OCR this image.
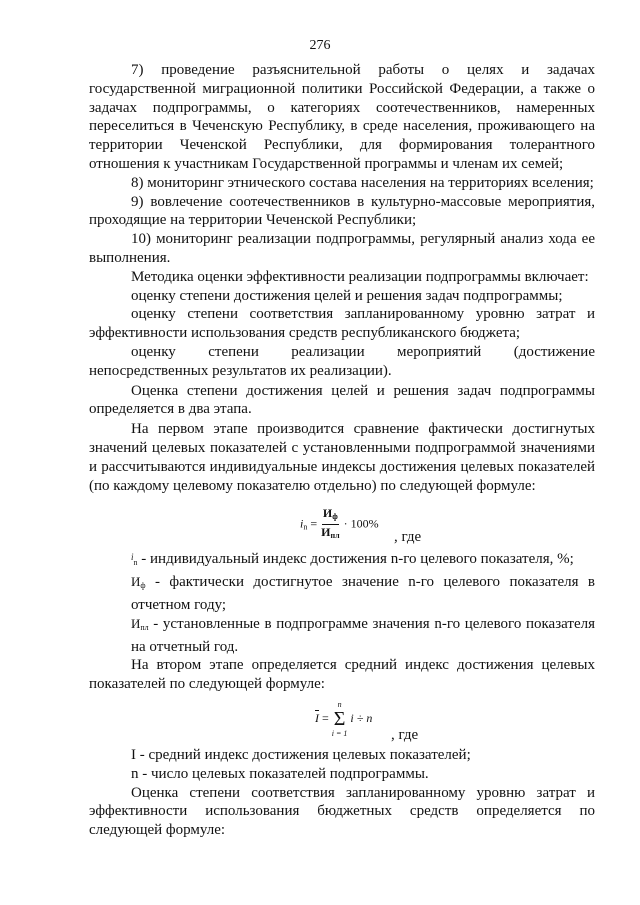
276

7) проведение разъяснительной работы о целях и задачах государственной миграционной политики Российской Федерации, а также о задачах подпрограммы, о категориях соотечественников, намеренных переселиться в Чеченскую Республику, в среде населения, проживающего на территории Чеченской Республики, для формирования толерантного отношения к участникам Государственной программы и членам их семей;

8) мониторинг этнического состава населения на территориях вселения;

9) вовлечение соотечественников в культурно-массовые мероприятия, проходящие на территории Чеченской Республики;

10) мониторинг реализации подпрограммы, регулярный анализ хода ее выполнения.

Методика оценки эффективности реализации подпрограммы включает:

оценку степени достижения целей и решения задач подпрограммы;

оценку степени соответствия запланированному уровню затрат и эффективности использования средств республиканского бюджета;

оценку степени реализации мероприятий (достижение непосредственных результатов их реализации).

Оценка степени достижения целей и решения задач подпрограммы определяется в два этапа.

На первом этапе производится сравнение фактически достигнутых значений целевых показателей с установленными подпрограммой значениями и рассчитываются индивидуальные индексы достижения целевых показателей (по каждому целевому показателю отдельно) по следующей формуле:

$i_n = \frac{И_ф}{И_{пл}} \cdot 100\%$
, где

$i_n$ - индивидуальный индекс достижения n-го целевого показателя, %;

$И_ф$ - фактически достигнутое значение n-го целевого показателя в отчетном году;

$И_{пл}$ - установленные в подпрограмме значения n-го целевого показателя на отчетный год.

На втором этапе определяется средний индекс достижения целевых показателей по следующей формуле:

$\overline{I}$ =
n
Σ
i = 1
i ÷ n
, где

I - средний индекс достижения целевых показателей;

n - число целевых показателей подпрограммы.

Оценка степени соответствия запланированному уровню затрат и эффективности использования бюджетных средств определяется по следующей формуле:
